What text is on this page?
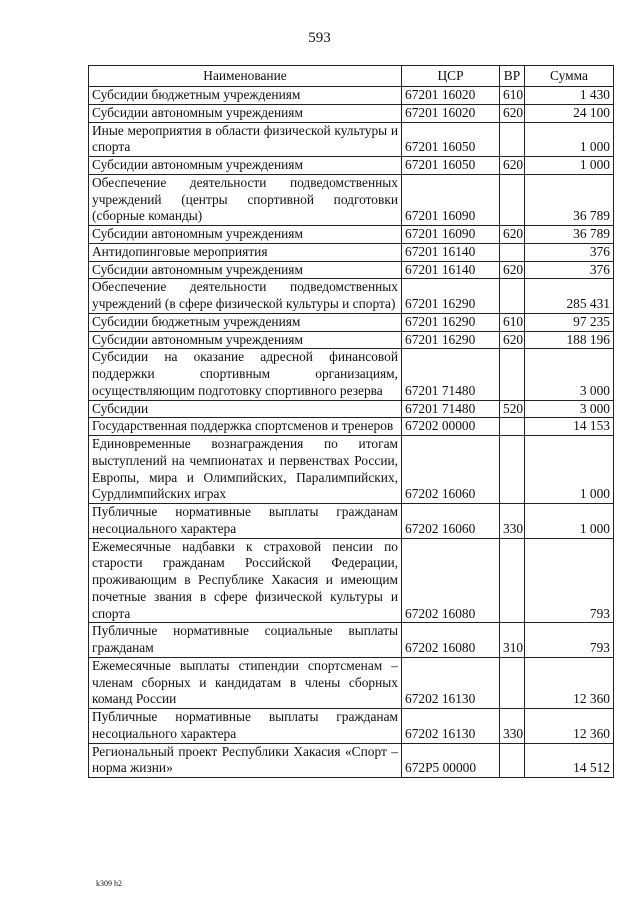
593
Наименование	ЦСР	ВР	Сумма
Субсидии бюджетным учреждениям	67201 16020	610	1 430
Субсидии автономным учреждениям	67201 16020	620	24 100
Иные мероприятия в области физической культуры и спорта	67201 16050		1 000
Субсидии автономным учреждениям	67201 16050	620	1 000
Обеспечение деятельности подведомственных учреждений (центры спортивной подготовки (сборные команды)	67201 16090		36 789
Субсидии автономным учреждениям	67201 16090	620	36 789
Антидопинговые мероприятия	67201 16140		376
Субсидии автономным учреждениям	67201 16140	620	376
Обеспечение деятельности подведомственных учреждений (в сфере физической культуры и спорта)	67201 16290		285 431
Субсидии бюджетным учреждениям	67201 16290	610	97 235
Субсидии автономным учреждениям	67201 16290	620	188 196
Субсидии на оказание адресной финансовой поддержки спортивным организациям, осуществляющим подготовку спортивного резерва	67201 71480		3 000
Субсидии	67201 71480	520	3 000
Государственная поддержка спортсменов и тренеров	67202 00000		14 153
Единовременные вознаграждения по итогам выступлений на чемпионатах и первенствах России, Европы, мира и Олимпийских, Паралимпийских, Сурдлимпийских играх	67202 16060		1 000
Публичные нормативные выплаты гражданам несоциального характера	67202 16060	330	1 000
Ежемесячные надбавки к страховой пенсии по старости гражданам Российской Федерации, проживающим в Республике Хакасия и имеющим почетные звания в сфере физической культуры и спорта	67202 16080		793
Публичные нормативные социальные выплаты гражданам	67202 16080	310	793
Ежемесячные выплаты стипендии спортсменам – членам сборных и кандидатам в члены сборных команд России	67202 16130		12 360
Публичные нормативные выплаты гражданам несоциального характера	67202 16130	330	12 360
Региональный проект Республики Хакасия «Спорт – норма жизни»	672P5 00000		14 512
k309 h2
